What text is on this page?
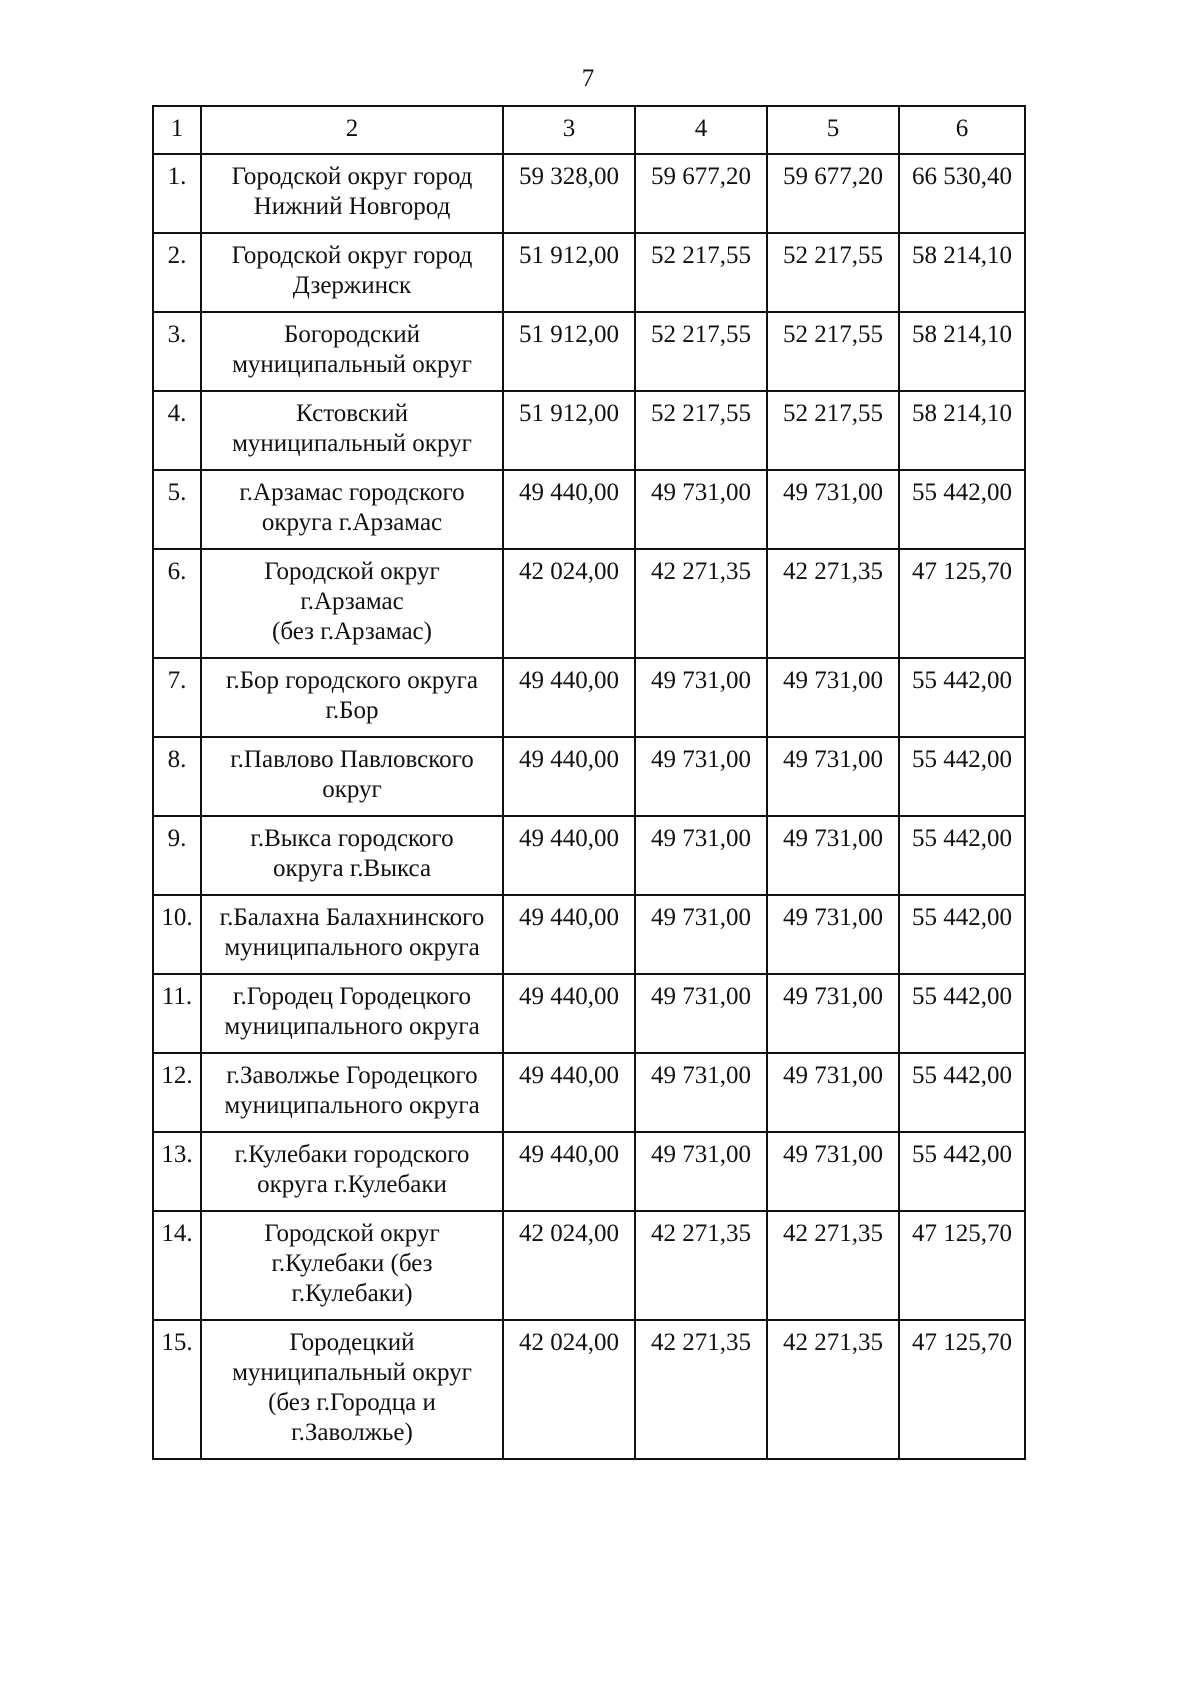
7
1	2	3	4	5	6
1.	Городской округ город
Нижний Новгород	59 328,00	59 677,20	59 677,20	66 530,40
2.	Городской округ город
Дзержинск	51 912,00	52 217,55	52 217,55	58 214,10
3.	Богородский
муниципальный округ	51 912,00	52 217,55	52 217,55	58 214,10
4.	Кстовский
муниципальный округ	51 912,00	52 217,55	52 217,55	58 214,10
5.	г.Арзамас городского
округа г.Арзамас	49 440,00	49 731,00	49 731,00	55 442,00
6.	Городской округ
г.Арзамас
(без г.Арзамас)	42 024,00	42 271,35	42 271,35	47 125,70
7.	г.Бор городского округа
г.Бор	49 440,00	49 731,00	49 731,00	55 442,00
8.	г.Павлово Павловского
округ	49 440,00	49 731,00	49 731,00	55 442,00
9.	г.Выкса городского
округа г.Выкса	49 440,00	49 731,00	49 731,00	55 442,00
10.	г.Балахна Балахнинского
муниципального округа	49 440,00	49 731,00	49 731,00	55 442,00
11.	г.Городец Городецкого
муниципального округа	49 440,00	49 731,00	49 731,00	55 442,00
12.	г.Заволжье Городецкого
муниципального округа	49 440,00	49 731,00	49 731,00	55 442,00
13.	г.Кулебаки городского
округа г.Кулебаки	49 440,00	49 731,00	49 731,00	55 442,00
14.	Городской округ
г.Кулебаки (без
г.Кулебаки)	42 024,00	42 271,35	42 271,35	47 125,70
15.	Городецкий
муниципальный округ
(без г.Городца и
г.Заволжье)	42 024,00	42 271,35	42 271,35	47 125,70
